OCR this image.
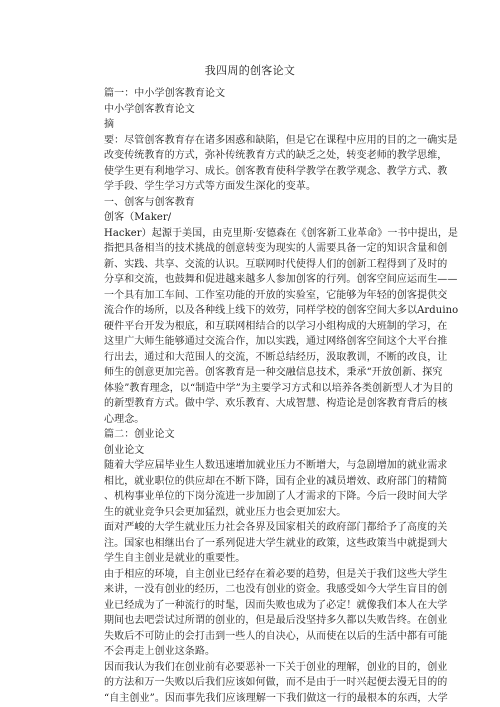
我四周的创客论文
篇一：中小学创客教育论文
中小学创客教育论文
摘
要：尽管创客教育存在诸多困惑和缺陷，但是它在课程中应用的目的之一确实是
改变传统教育的方式，弥补传统教育方式的缺乏之处，转变老师的教学思维，
使学生更有利地学习、成长。创客教育使科学教学在教学观念、教学方式、教
学手段、学生学习方式等方面发生深化的变革。
一、创客与创客教育
创客（Maker/
Hacker）起源于美国，由克里斯·安德森在《创客新工业革命》一书中提出，是
指把具备相当的技术挑战的创意转变为现实的人需要具备一定的知识含量和创
新、实践、共享、交流的认识。互联网时代使得人们的创新工程得到了及时的
分享和交流，也鼓舞和促进越来越多人参加创客的行列。创客空间应运而生——
一个具有加工车间、工作室功能的开放的实验室，它能够为年轻的创客提供交
流合作的场所，以及各种线上线下的效劳，同样学校的创客空间大多以Arduino
硬件平台开发为根底，和互联网相结合的以学习小组构成的大班制的学习，在
这里广大师生能够通过交流合作，加以实践，通过网络创客空间这个大平台推
行出去，通过和大范围人的交流，不断总结经历，汲取教训，不断的改良，让
师生的创意更加完善。创客教育是一种交融信息技术，秉承“开放创新、探究
体验”教育理念，以“制造中学”为主要学习方式和以培养各类创新型人才为目的
的新型教育方式。做中学、欢乐教育、大成智慧、构造论是创客教育背后的核
心理念。
篇二：创业论文
创业论文
随着大学应届毕业生人数迅速增加就业压力不断增大，与急剧增加的就业需求
相比，就业职位的供应却在不断下降，国有企业的减员增效、政府部门的精简
、机构事业单位的下岗分流进一步加剧了人才需求的下降。今后一段时间大学
生的就业竞争只会更加猛烈，就业压力也会更加宏大。
面对严峻的大学生就业压力社会各界及国家相关的政府部门都给予了高度的关
注。国家也相继出台了一系列促进大学生就业的政策，这些政策当中就提到大
学生自主创业是就业的重要性。
由于相应的环境，自主创业已经存在着必要的趋势，但是关于我们这些大学生
来讲，一没有创业的经历，二也没有创业的资金。我感受如今大学生盲目的创
业已经成为了一种流行的时髦，因而失败也成为了必定！就像我们本人在大学
期间也去吧尝试过所谓的创业的，但是最后没坚持多久都以失败告终。在创业
失败后不可防止的会打击到一些人的自决心，从而使在以后的生活中都有可能
不会再走上创业这条路。
因而我认为我们在创业前有必要恶补一下关于创业的理解，创业的目的，创业
的方法和万一失败以后我们应该如何做，而不是由于一时兴起便去漫无目的的
“自主创业”。因而事先我们应该理解一下我们做这一行的最根本的东西，大学
